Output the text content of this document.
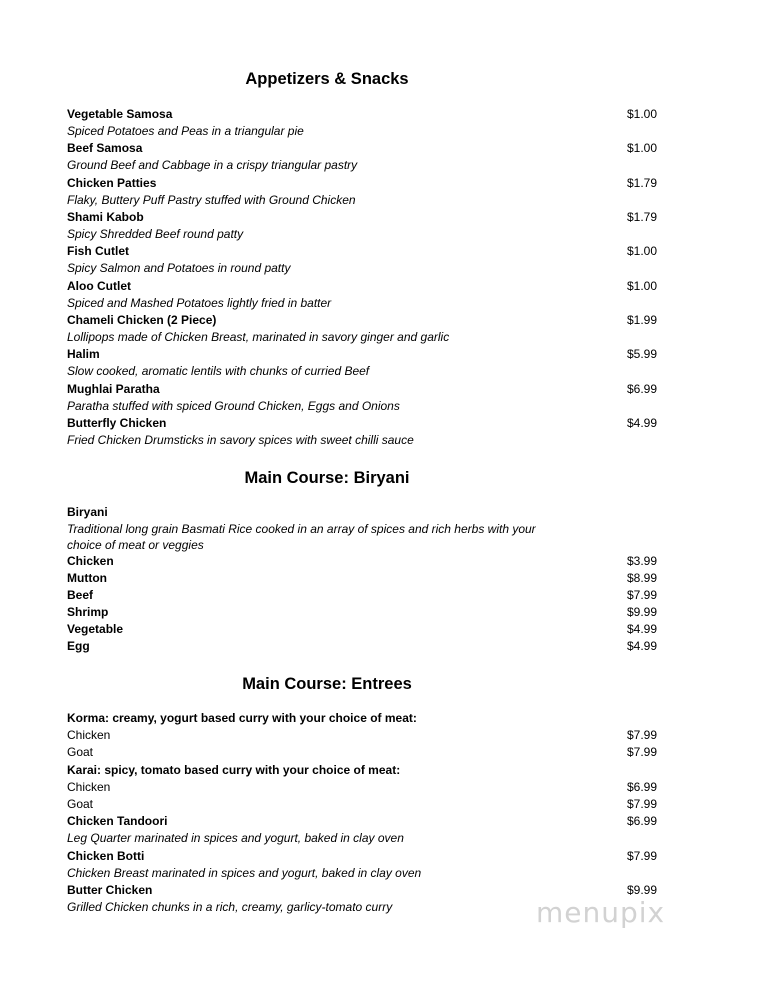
Appetizers & Snacks
Vegetable Samosa	$1.00
Spiced Potatoes and Peas in a triangular pie
Beef Samosa	$1.00
Ground Beef and Cabbage in a crispy triangular pastry
Chicken Patties	$1.79
Flaky, Buttery Puff Pastry stuffed with Ground Chicken
Shami Kabob	$1.79
Spicy Shredded Beef round patty
Fish Cutlet	$1.00
Spicy Salmon and Potatoes in round patty
Aloo Cutlet	$1.00
Spiced and Mashed Potatoes lightly fried in batter
Chameli Chicken (2 Piece)	$1.99
Lollipops made of Chicken Breast, marinated in savory ginger and garlic
Halim	$5.99
Slow cooked, aromatic lentils with chunks of curried Beef
Mughlai Paratha	$6.99
Paratha stuffed with spiced Ground Chicken, Eggs and Onions
Butterfly Chicken	$4.99
Fried Chicken Drumsticks in savory spices with sweet chilli sauce
Main Course: Biryani
Biryani
Traditional long grain Basmati Rice cooked in an array of spices and rich herbs with your
choice of meat or veggies
Chicken	$3.99
Mutton	$8.99
Beef	$7.99
Shrimp	$9.99
Vegetable	$4.99
Egg	$4.99
Main Course: Entrees
Korma: creamy, yogurt based curry with your choice of meat:
Chicken	$7.99
Goat	$7.99
Karai: spicy, tomato based curry with your choice of meat:
Chicken	$6.99
Goat	$7.99
Chicken Tandoori	$6.99
Leg Quarter marinated in spices and yogurt, baked in clay oven
Chicken Botti	$7.99
Chicken Breast marinated in spices and yogurt, baked in clay oven
Butter Chicken	$9.99
Grilled Chicken chunks in a rich, creamy, garlicy-tomato curry	menupix
